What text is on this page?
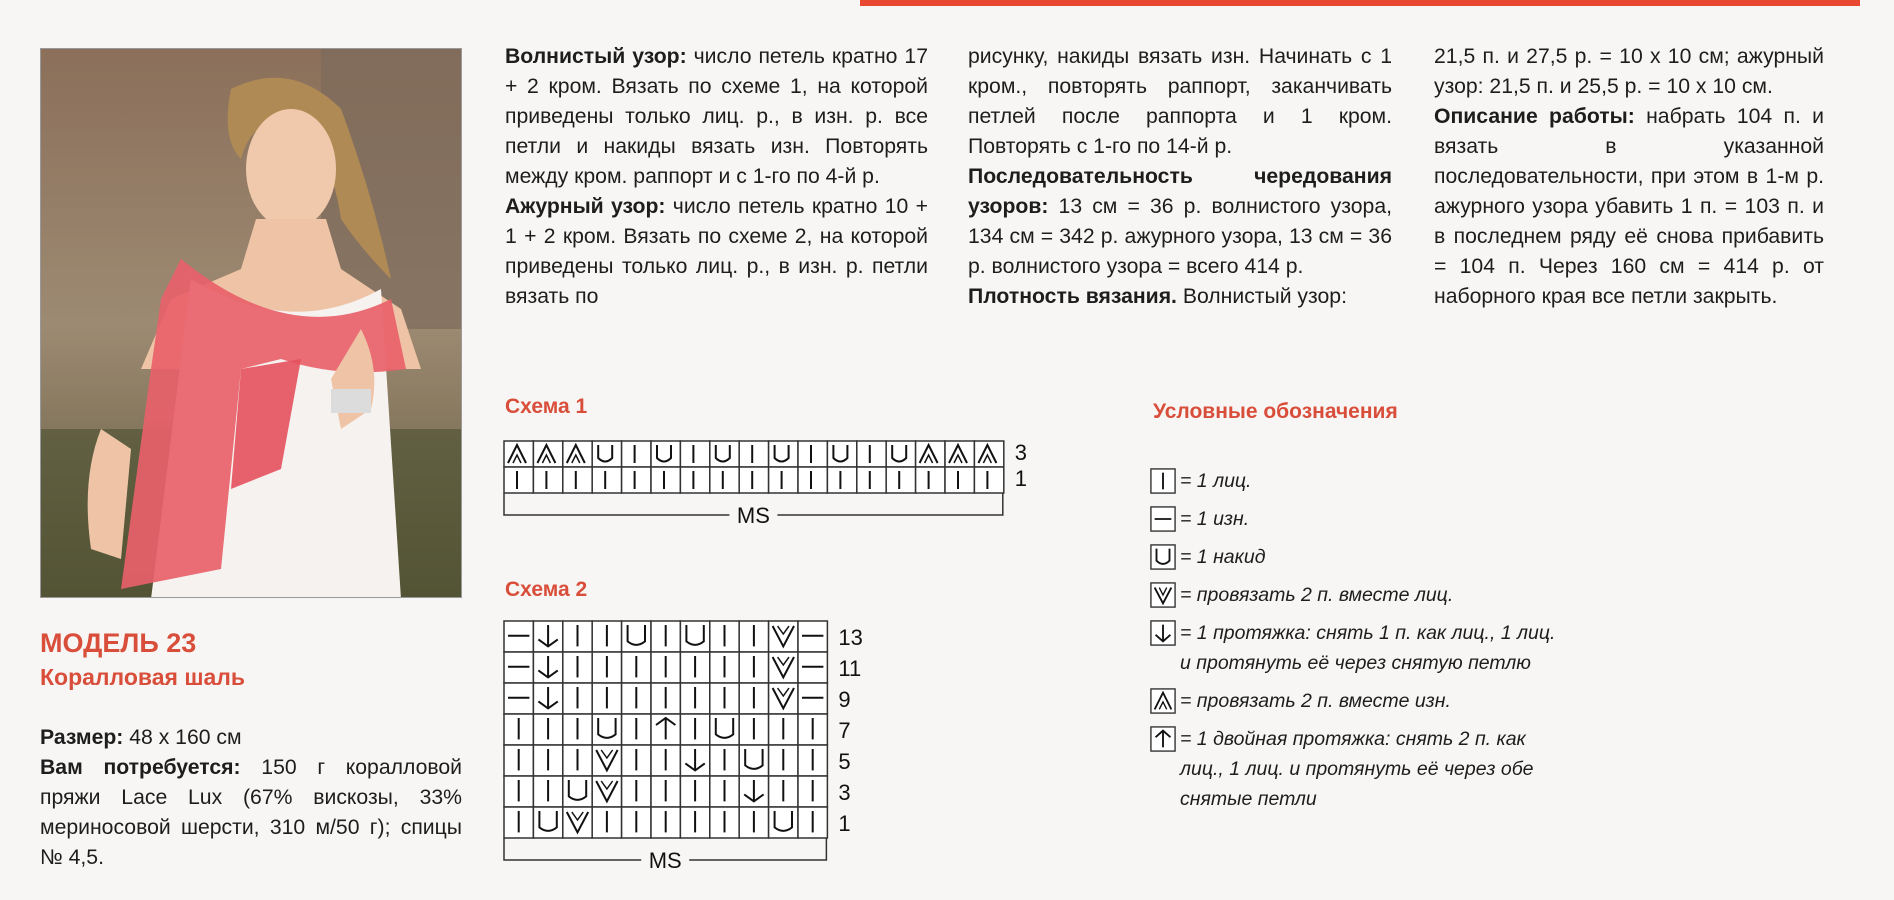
МОДЕЛЬ 23
Коралловая шаль
Размер: 48 x 160 см
Вам потребуется: 150 г коралловой пряжи Lace Lux (67% вискозы, 33% мериносовой шерсти, 310 м/50 г); спицы № 4,5.
Волнистый узор: число петель кратно 17 + 2 кром. Вязать по схеме 1, на которой приведены только лиц. р., в изн. р. все петли и накиды вязать изн. Повторять между кром. раппорт и с 1-го по 4-й р.
Ажурный узор: число петель кратно 10 + 1 + 2 кром. Вязать по схеме 2, на которой приведены только лиц. р., в изн. р. петли вязать по
рисунку, накиды вязать изн. Начинать с 1 кром., повторять раппорт, заканчивать петлей после раппорта и 1 кром. Повторять с 1-го по 14-й р.
Последовательность чередования узоров: 13 см = 36 р. волнистого узора, 134 см = 342 р. ажурного узора, 13 см = 36 р. волнистого узора = всего 414 р.
Плотность вязания. Волнистый узор:
21,5 п. и 27,5 р. = 10 x 10 см; ажурный узор: 21,5 п. и 25,5 р. = 10 x 10 см.
Описание работы: набрать 104 п. и вязать в указанной последовательности, при этом в 1-м р. ажурного узора убавить 1 п. = 103 п. и в последнем ряду её снова прибавить = 104 п. Через 160 см = 414 р. от наборного края все петли закрыть.
Схема 1
3
1
MS
Схема 2
13
11
9
7
5
3
1
MS
Условные обозначения
= 1 лиц.
= 1 изн.
= 1 накид
= провязать 2 п. вместе лиц.
= 1 протяжка: снять 1 п. как лиц., 1 лиц. и протянуть её через снятую петлю
= провязать 2 п. вместе изн.
= 1 двойная протяжка: снять 2 п. как лиц., 1 лиц. и протянуть её через обе снятые петли
